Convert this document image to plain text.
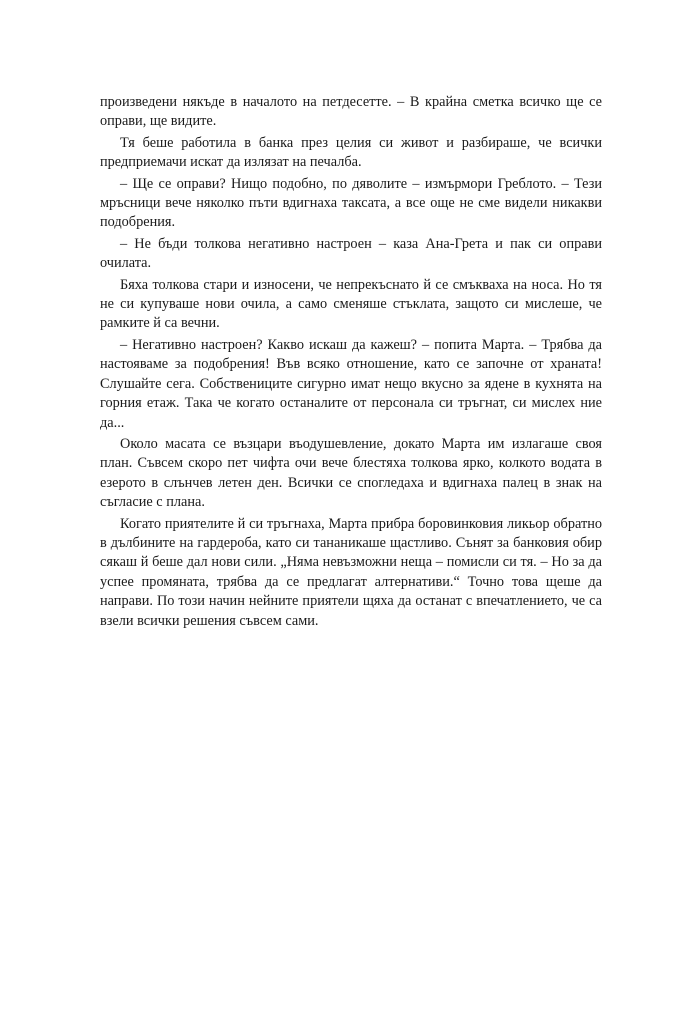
произведени някъде в началото на петдесетте. – В крайна сметка всичко ще се оправи, ще видите.

Тя беше работила в банка през целия си живот и разбираше, че всички предприемачи искат да излязат на печалба.

– Ще се оправи? Нищо подобно, по дяволите – измърмори Греблото. – Тези мръсници вече няколко пъти вдигнаха таксата, а все още не сме видели никакви подобрения.

– Не бъди толкова негативно настроен – каза Ана-Грета и пак си оправи очилата.

Бяха толкова стари и износени, че непрекъснато й се смъкваха на носа. Но тя не си купуваше нови очила, а само сменяше стъклата, защото си мислеше, че рамките й са вечни.

– Негативно настроен? Какво искаш да кажеш? – попита Марта. – Трябва да настояваме за подобрения! Във всяко отношение, като се започне от храната! Слушайте сега. Собствениците сигурно имат нещо вкусно за ядене в кухнята на горния етаж. Така че когато останалите от персонала си тръгнат, си мислех ние да...

Около масата се възцари въодушевление, докато Марта им излагаше своя план. Съвсем скоро пет чифта очи вече блестяха толкова ярко, колкото водата в езерото в слънчев летен ден. Всички се спогледаха и вдигнаха палец в знак на съгласие с плана.

Когато приятелите й си тръгнаха, Марта прибра боровинковия ликьор обратно в дълбините на гардероба, като си тананикаше щастливо. Сънят за банковия обир сякаш й беше дал нови сили. „Няма невъзможни неща – помисли си тя. – Но за да успее промяната, трябва да се предлагат алтернативи.“ Точно това щеше да направи. По този начин нейните приятели щяха да останат с впечатлението, че са взели всички решения съвсем сами.
